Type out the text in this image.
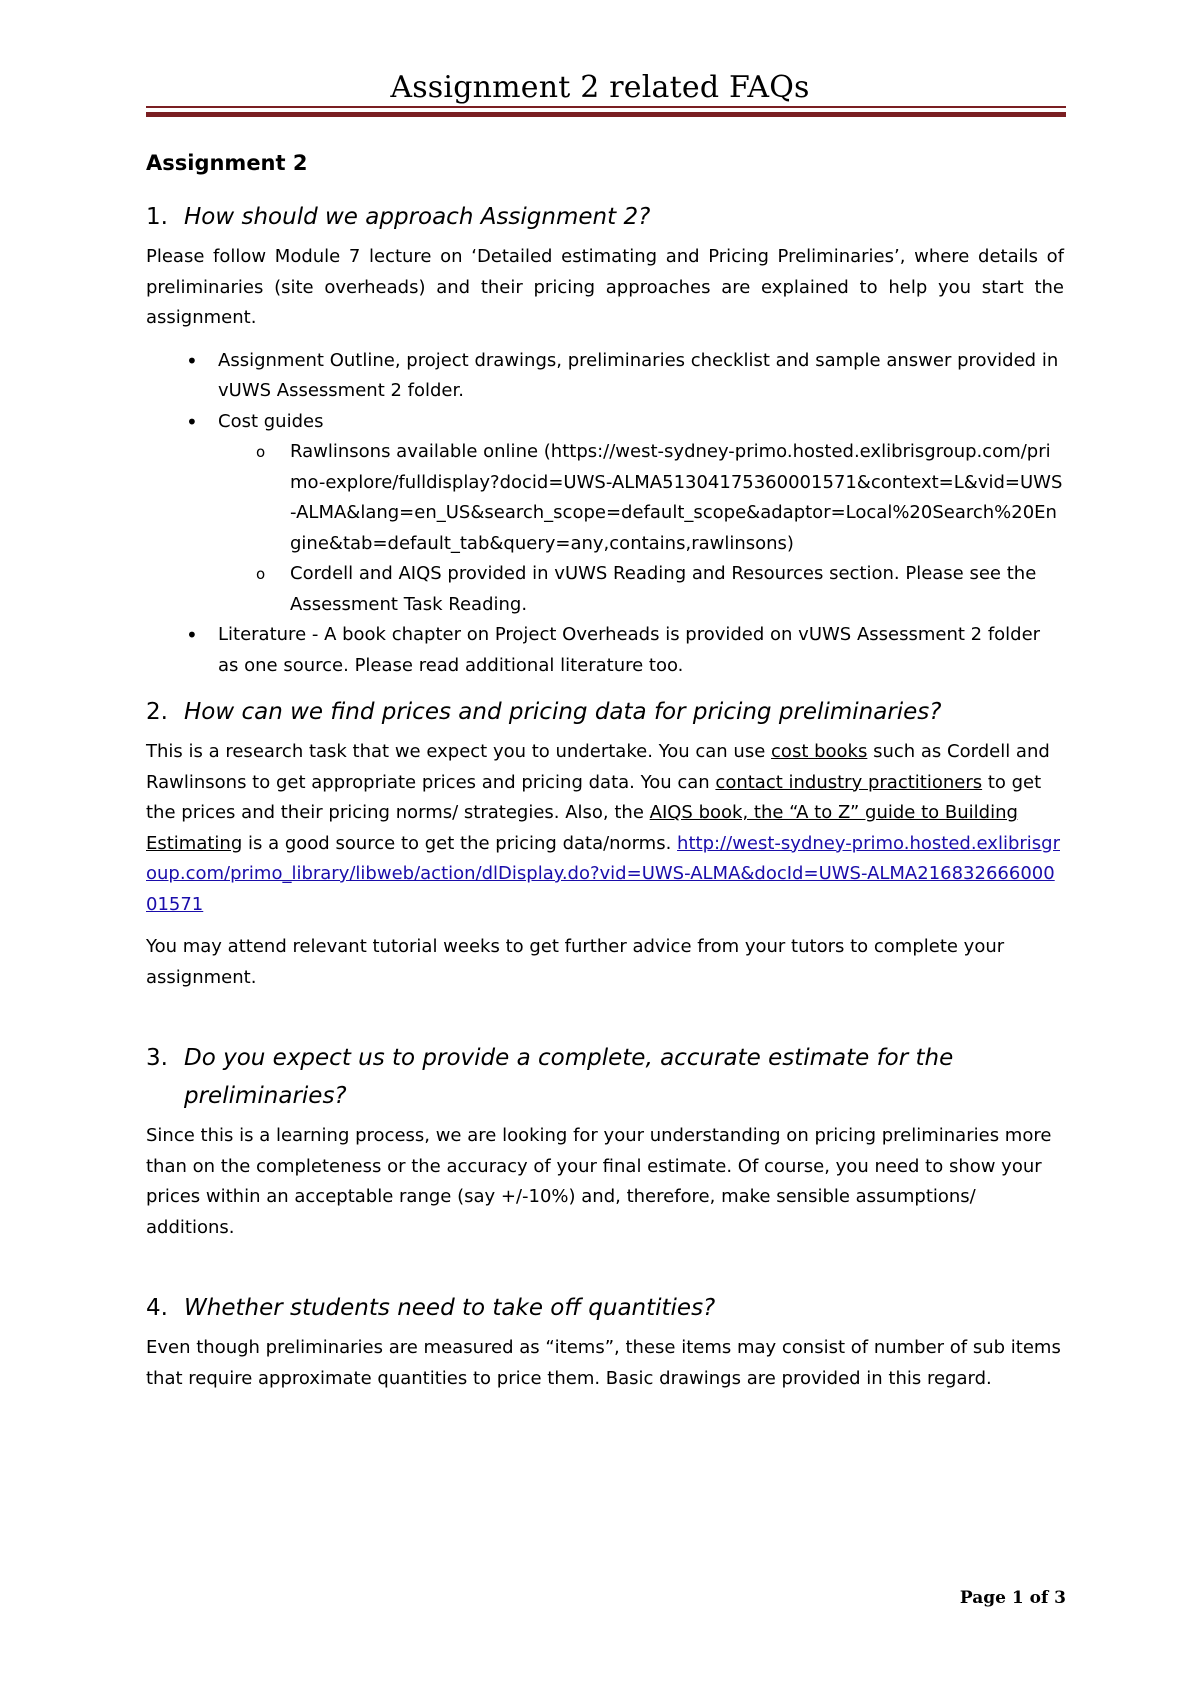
Assignment 2 related FAQs
Assignment 2
1. How should we approach Assignment 2?

Please follow Module 7 lecture on ‘Detailed estimating and Pricing Preliminaries’, where details of preliminaries (site overheads) and their pricing approaches are explained to help you start the assignment.

• Assignment Outline, project drawings, preliminaries checklist and sample answer provided in vUWS Assessment 2 folder.
• Cost guides
o Rawlinsons available online (https://west-sydney-primo.hosted.exlibrisgroup.com/primo-explore/fulldisplay?docid=UWS-ALMA51304175360001571&context=L&vid=UWS-ALMA&lang=en_US&search_scope=default_scope&adaptor=Local%20Search%20Engine&tab=default_tab&query=any,contains,rawlinsons)
o Cordell and AIQS provided in vUWS Reading and Resources section. Please see the Assessment Task Reading.
• Literature - A book chapter on Project Overheads is provided on vUWS Assessment 2 folder as one source. Please read additional literature too.
2. How can we find prices and pricing data for pricing preliminaries?

This is a research task that we expect you to undertake. You can use cost books such as Cordell and Rawlinsons to get appropriate prices and pricing data. You can contact industry practitioners to get the prices and their pricing norms/ strategies. Also, the AIQS book, the “A to Z” guide to Building Estimating is a good source to get the pricing data/norms. http://west-sydney-primo.hosted.exlibrisgroup.com/primo_library/libweb/action/dlDisplay.do?vid=UWS-ALMA&docId=UWS-ALMA21683266600001571

You may attend relevant tutorial weeks to get further advice from your tutors to complete your assignment.

3. Do you expect us to provide a complete, accurate estimate for the preliminaries?

Since this is a learning process, we are looking for your understanding on pricing preliminaries more than on the completeness or the accuracy of your final estimate. Of course, you need to show your prices within an acceptable range (say +/-10%) and, therefore, make sensible assumptions/ additions.

4. Whether students need to take off quantities?

Even though preliminaries are measured as “items”, these items may consist of number of sub items that require approximate quantities to price them. Basic drawings are provided in this regard.

Page 1 of 3
